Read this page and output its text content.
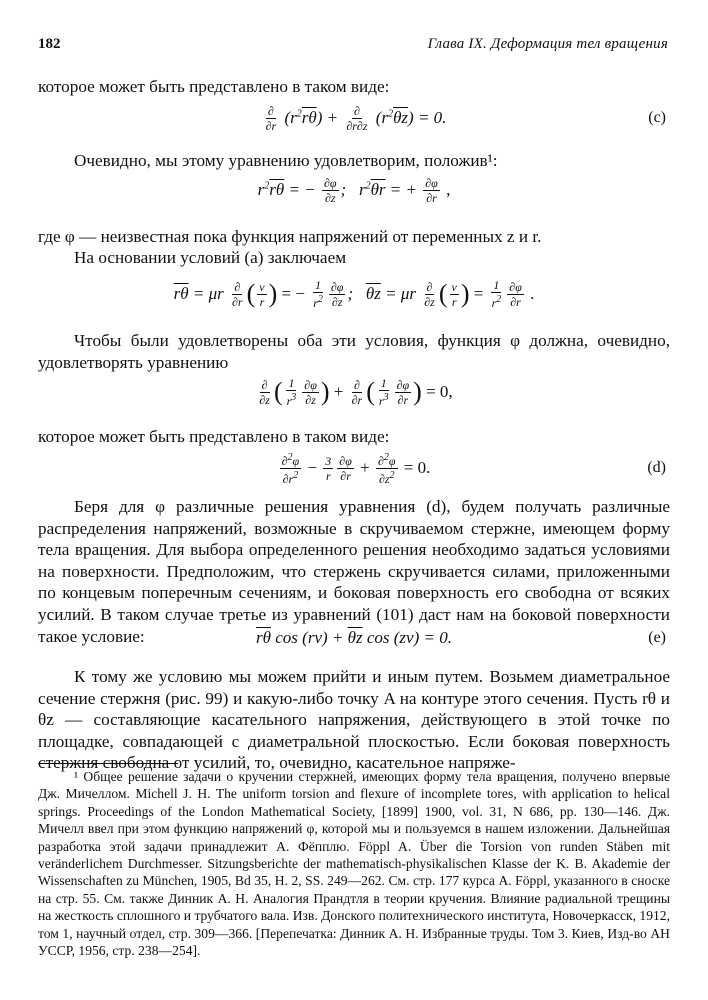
182	Глава IX. Деформация тел вращения
которое может быть представлено в таком виде:
$\frac{\partial}{\partial r} (r^2\overline{r\theta}) + \frac{\partial}{\partial r\partial z} (r^2\overline{\theta z}) = 0$.	(c)
Очевидно, мы этому уравнению удовлетворим, положив¹:
$r^2\overline{r\theta}$ = − $\frac{\partial\varphi}{\partial z}$ ;   $r^2\overline{\theta r}$ = + $\frac{\partial\varphi}{\partial r}$ ,
где φ — неизвестная пока функция напряжений от переменных z и r.
На основании условий (а) заключаем
$\overline{r\theta} = \mu r \frac{\partial}{\partial r}$ ( $\frac{v}{r}$ ) = − $\frac{1}{r^2} \frac{\partial\varphi}{\partial z}$ ;   $\overline{\theta z} = \mu r \frac{\partial}{\partial z}$ ( $\frac{v}{r}$ ) = $\frac{1}{r^2} \frac{\partial\varphi}{\partial r}$ .
Чтобы были удовлетворены оба эти условия, функция φ должна, очевидно, удовлетворять уравнению
$\frac{\partial}{\partial z}$ ( $\frac{1}{r^3} \frac{\partial\varphi}{\partial z}$ ) + $\frac{\partial}{\partial r}$ ( $\frac{1}{r^3} \frac{\partial\varphi}{\partial r}$ ) = 0,
которое может быть представлено в таком виде:
$\frac{\partial^2\varphi}{\partial r^2} - \frac{3}{r} \frac{\partial\varphi}{\partial r} + \frac{\partial^2\varphi}{\partial z^2} = 0$.	(d)
Беря для φ различные решения уравнения (d), будем получать различные распределения напряжений, возможные в скручиваемом стержне, имеющем форму тела вращения. Для выбора определенного решения необходимо задаться условиями на поверхности. Предположим, что стержень скручивается силами, приложенными по концевым поперечным сечениям, и боковая поверхность его свободна от всяких усилий. В таком случае третье из уравнений (101) даст нам на боковой поверхности такое условие:	$\overline{r\theta}$ $\cos (r\nu) + \overline{\theta z}$ cos (zν) = 0.	(e)
К тому же условию мы можем прийти и иным путем. Возьмем диаметральное сечение стержня (рис. 99) и какую-либо точку A на контуре этого сечения. Пусть rθ и θz — составляющие касательного напряжения, действующего в этой точке по площадке, совпадающей с диаметральной плоскостью. Если боковая поверхность стержня свободна от усилий, то, очевидно, касательное напряже-
¹ Общее решение задачи о кручении стержней, имеющих форму тела вращения, получено впервые Дж. Мичеллом. Michell J. H. The uniform torsion and flexure of incomplete tores, with application to helical springs. Proceedings of the London Mathematical Society, [1899] 1900, vol. 31, N 686, pp. 130—146. Дж. Мичелл ввел при этом функцию напряжений φ, которой мы и пользуемся в нашем изложении. Дальнейшая разработка этой задачи принадлежит А. Фёпплю. Föppl A. Über die Torsion von runden Stäben mit veränderlichem Durchmesser. Sitzungsberichte der mathematisch-physikalischen Klasse der K. B. Akademie der Wissenschaften zu München, 1905, Bd 35, H. 2, SS. 249—262. См. стр. 177 курса А. Föppl, указанного в сноске на стр. 55. См. также Динник А. Н. Аналогия Прандтля в теории кручения. Влияние радиальной трещины на жесткость сплошного и трубчатого вала. Изв. Донского политехнического института, Новочеркасск, 1912, том 1, научный отдел, стр. 309—366. [Перепечатка: Динник А. Н. Избранные труды. Том 3. Киев, Изд-во АН УССР, 1956, стр. 238—254].
